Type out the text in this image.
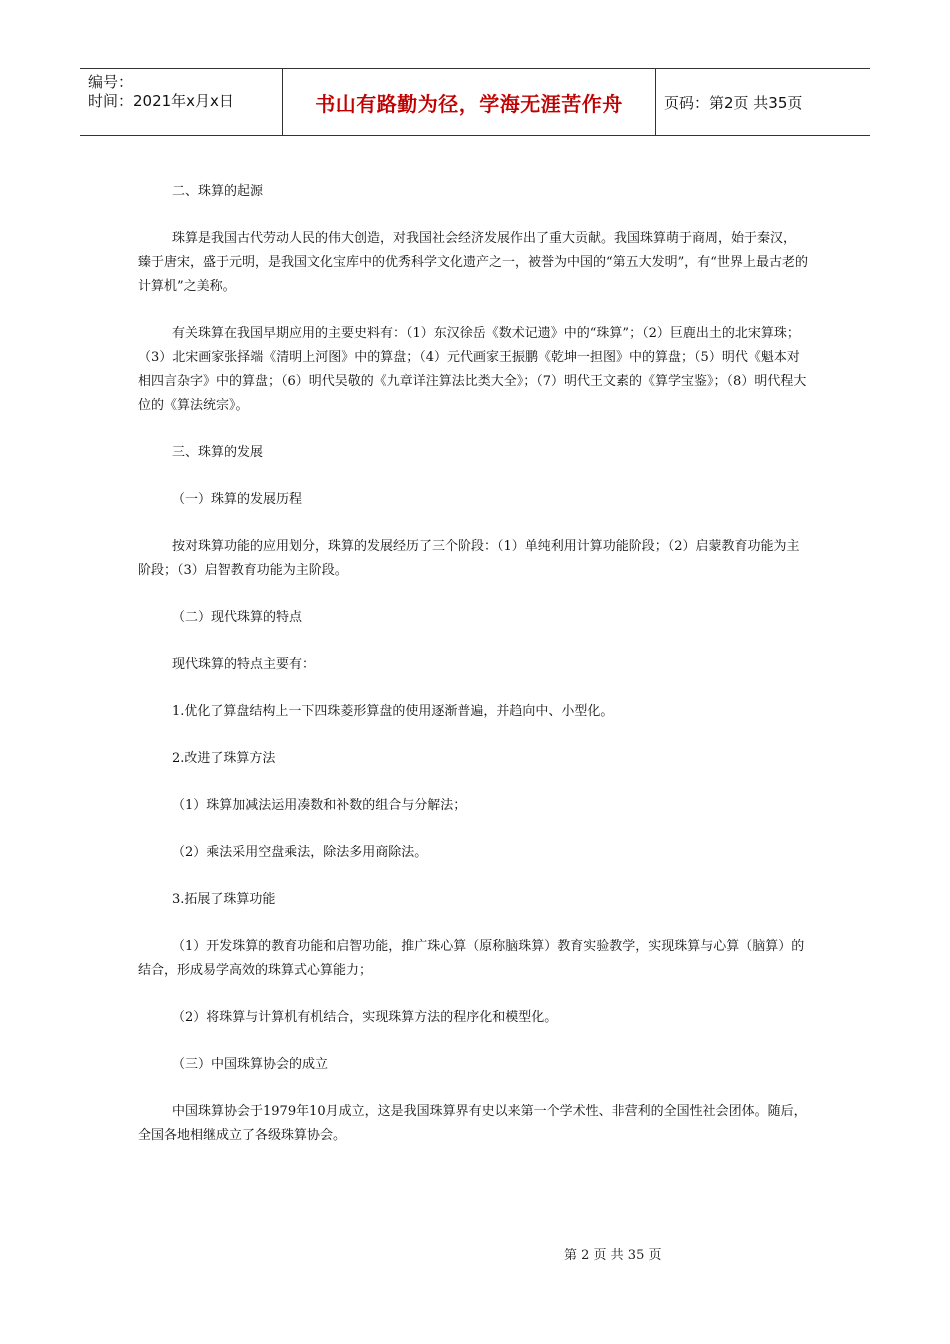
编号：
时间：2021年x月x日	书山有路勤为径，学海无涯苦作舟	页码：第2页 共35页

二、珠算的起源

珠算是我国古代劳动人民的伟大创造，对我国社会经济发展作出了重大贡献。我国珠算萌于商周，始于秦汉，臻于唐宋，盛于元明，是我国文化宝库中的优秀科学文化遗产之一，被誉为中国的“第五大发明”，有“世界上最古老的计算机”之美称。

有关珠算在我国早期应用的主要史料有：（1）东汉徐岳《数术记遗》中的“珠算”；（2）巨鹿出土的北宋算珠；（3）北宋画家张择端《清明上河图》中的算盘；（4）元代画家王振鹏《乾坤一担图》中的算盘；（5）明代《魁本对相四言杂字》中的算盘；（6）明代吴敬的《九章详注算法比类大全》；（7）明代王文素的《算学宝鉴》；（8）明代程大位的《算法统宗》。

三、珠算的发展

（一）珠算的发展历程

按对珠算功能的应用划分，珠算的发展经历了三个阶段：（1）单纯利用计算功能阶段；（2）启蒙教育功能为主阶段；（3）启智教育功能为主阶段。

（二）现代珠算的特点

现代珠算的特点主要有：

1.优化了算盘结构上一下四珠菱形算盘的使用逐渐普遍，并趋向中、小型化。

2.改进了珠算方法

（1）珠算加减法运用凑数和补数的组合与分解法；

（2）乘法采用空盘乘法，除法多用商除法。

3.拓展了珠算功能

（1）开发珠算的教育功能和启智功能，推广珠心算（原称脑珠算）教育实验教学，实现珠算与心算（脑算）的结合，形成易学高效的珠算式心算能力；

（2）将珠算与计算机有机结合，实现珠算方法的程序化和模型化。

（三）中国珠算协会的成立

中国珠算协会于1979年10月成立，这是我国珠算界有史以来第一个学术性、非营利的全国性社会团体。随后，全国各地相继成立了各级珠算协会。

第 2 页 共 35 页
